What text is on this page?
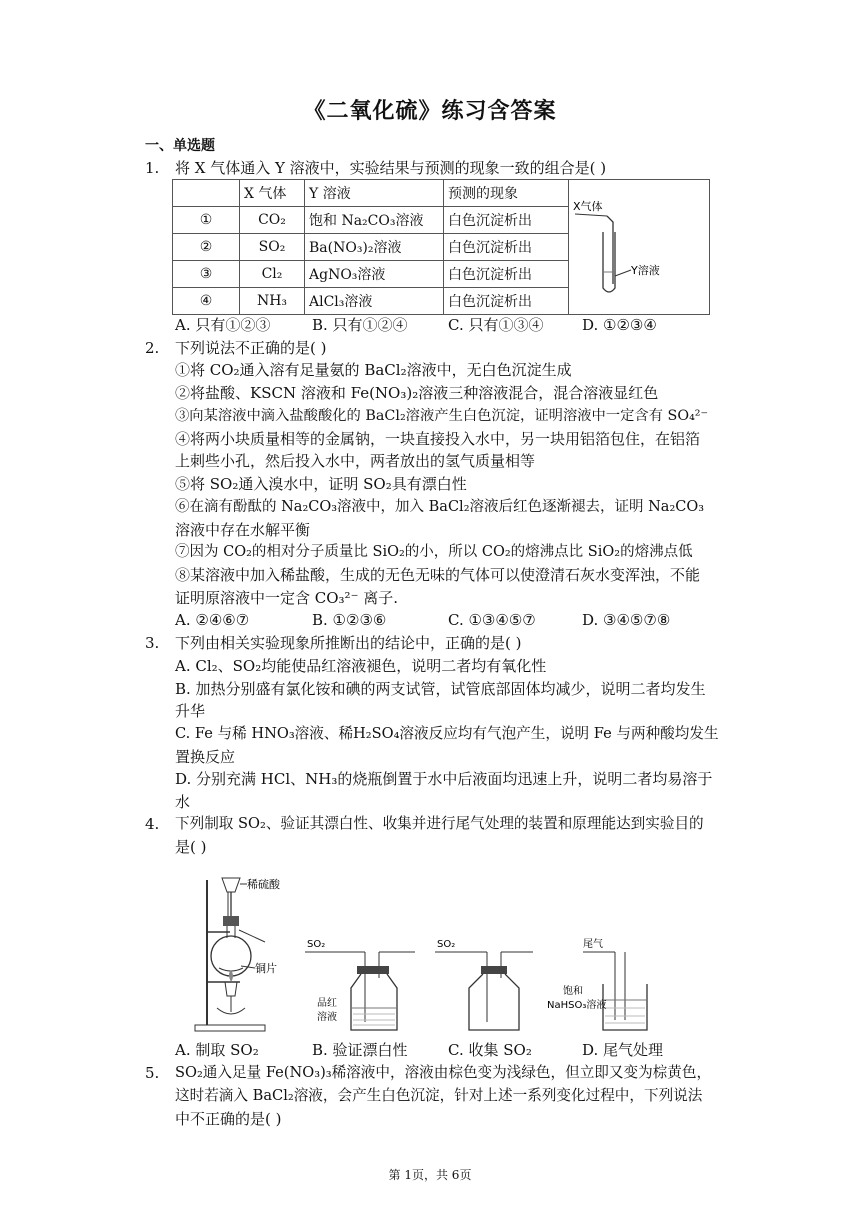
《二氧化硫》练习含答案
一、单选题
1. 将 X 气体通入 Y 溶液中，实验结果与预测的现象一致的组合是( )
	X 气体	Y 溶液	预测的现象	X气体
Y溶液

①	CO₂	饱和 Na₂CO₃溶液	白色沉淀析出	
②	SO₂	Ba(NO₃)₂溶液	白色沉淀析出	
③	Cl₂	AgNO₃溶液	白色沉淀析出	
④	NH₃	AlCl₃溶液	白色沉淀析出	
A. 只有①②③	B. 只有①②④	C. 只有①③④	D. ①②③④
2. 下列说法不正确的是( )
①将 CO₂通入溶有足量氨的 BaCl₂溶液中，无白色沉淀生成
②将盐酸、KSCN 溶液和 Fe(NO₃)₂溶液三种溶液混合，混合溶液显红色
③向某溶液中滴入盐酸酸化的 BaCl₂溶液产生白色沉淀，证明溶液中一定含有 SO₄²⁻
④将两小块质量相等的金属钠，一块直接投入水中，另一块用铝箔包住，在铝箔
上刺些小孔，然后投入水中，两者放出的氢气质量相等
⑤将 SO₂通入溴水中，证明 SO₂具有漂白性
⑥在滴有酚酞的 Na₂CO₃溶液中，加入 BaCl₂溶液后红色逐渐褪去，证明 Na₂CO₃
溶液中存在水解平衡
⑦因为 CO₂的相对分子质量比 SiO₂的小，所以 CO₂的熔沸点比 SiO₂的熔沸点低
⑧某溶液中加入稀盐酸，生成的无色无味的气体可以使澄清石灰水变浑浊，不能
证明原溶液中一定含 CO₃²⁻ 离子.
A. ②④⑥⑦	B. ①②③⑥	C. ①③④⑤⑦	D. ③④⑤⑦⑧
3. 下列由相关实验现象所推断出的结论中，正确的是( )
A. Cl₂、SO₂均能使品红溶液褪色，说明二者均有氧化性
B. 加热分别盛有氯化铵和碘的两支试管，试管底部固体均减少，说明二者均发生
升华
C. Fe 与稀 HNO₃溶液、稀H₂SO₄溶液反应均有气泡产生，说明 Fe 与两种酸均发生
置换反应
D. 分别充满 HCl、NH₃的烧瓶倒置于水中后液面均迅速上升，说明二者均易溶于
水
4. 下列制取 SO₂、验证其漂白性、收集并进行尾气处理的装置和原理能达到实验目的
是( )
稀硫酸
铜片
SO₂
品红
溶液
SO₂	尾气
饱和
NaHSO₃溶液
A. 制取 SO₂	B. 验证漂白性	C. 收集 SO₂	D. 尾气处理
5. SO₂通入足量 Fe(NO₃)₃稀溶液中，溶液由棕色变为浅绿色，但立即又变为棕黄色，
这时若滴入 BaCl₂溶液，会产生白色沉淀，针对上述一系列变化过程中，下列说法
中不正确的是( )
第 1页，共 6页
